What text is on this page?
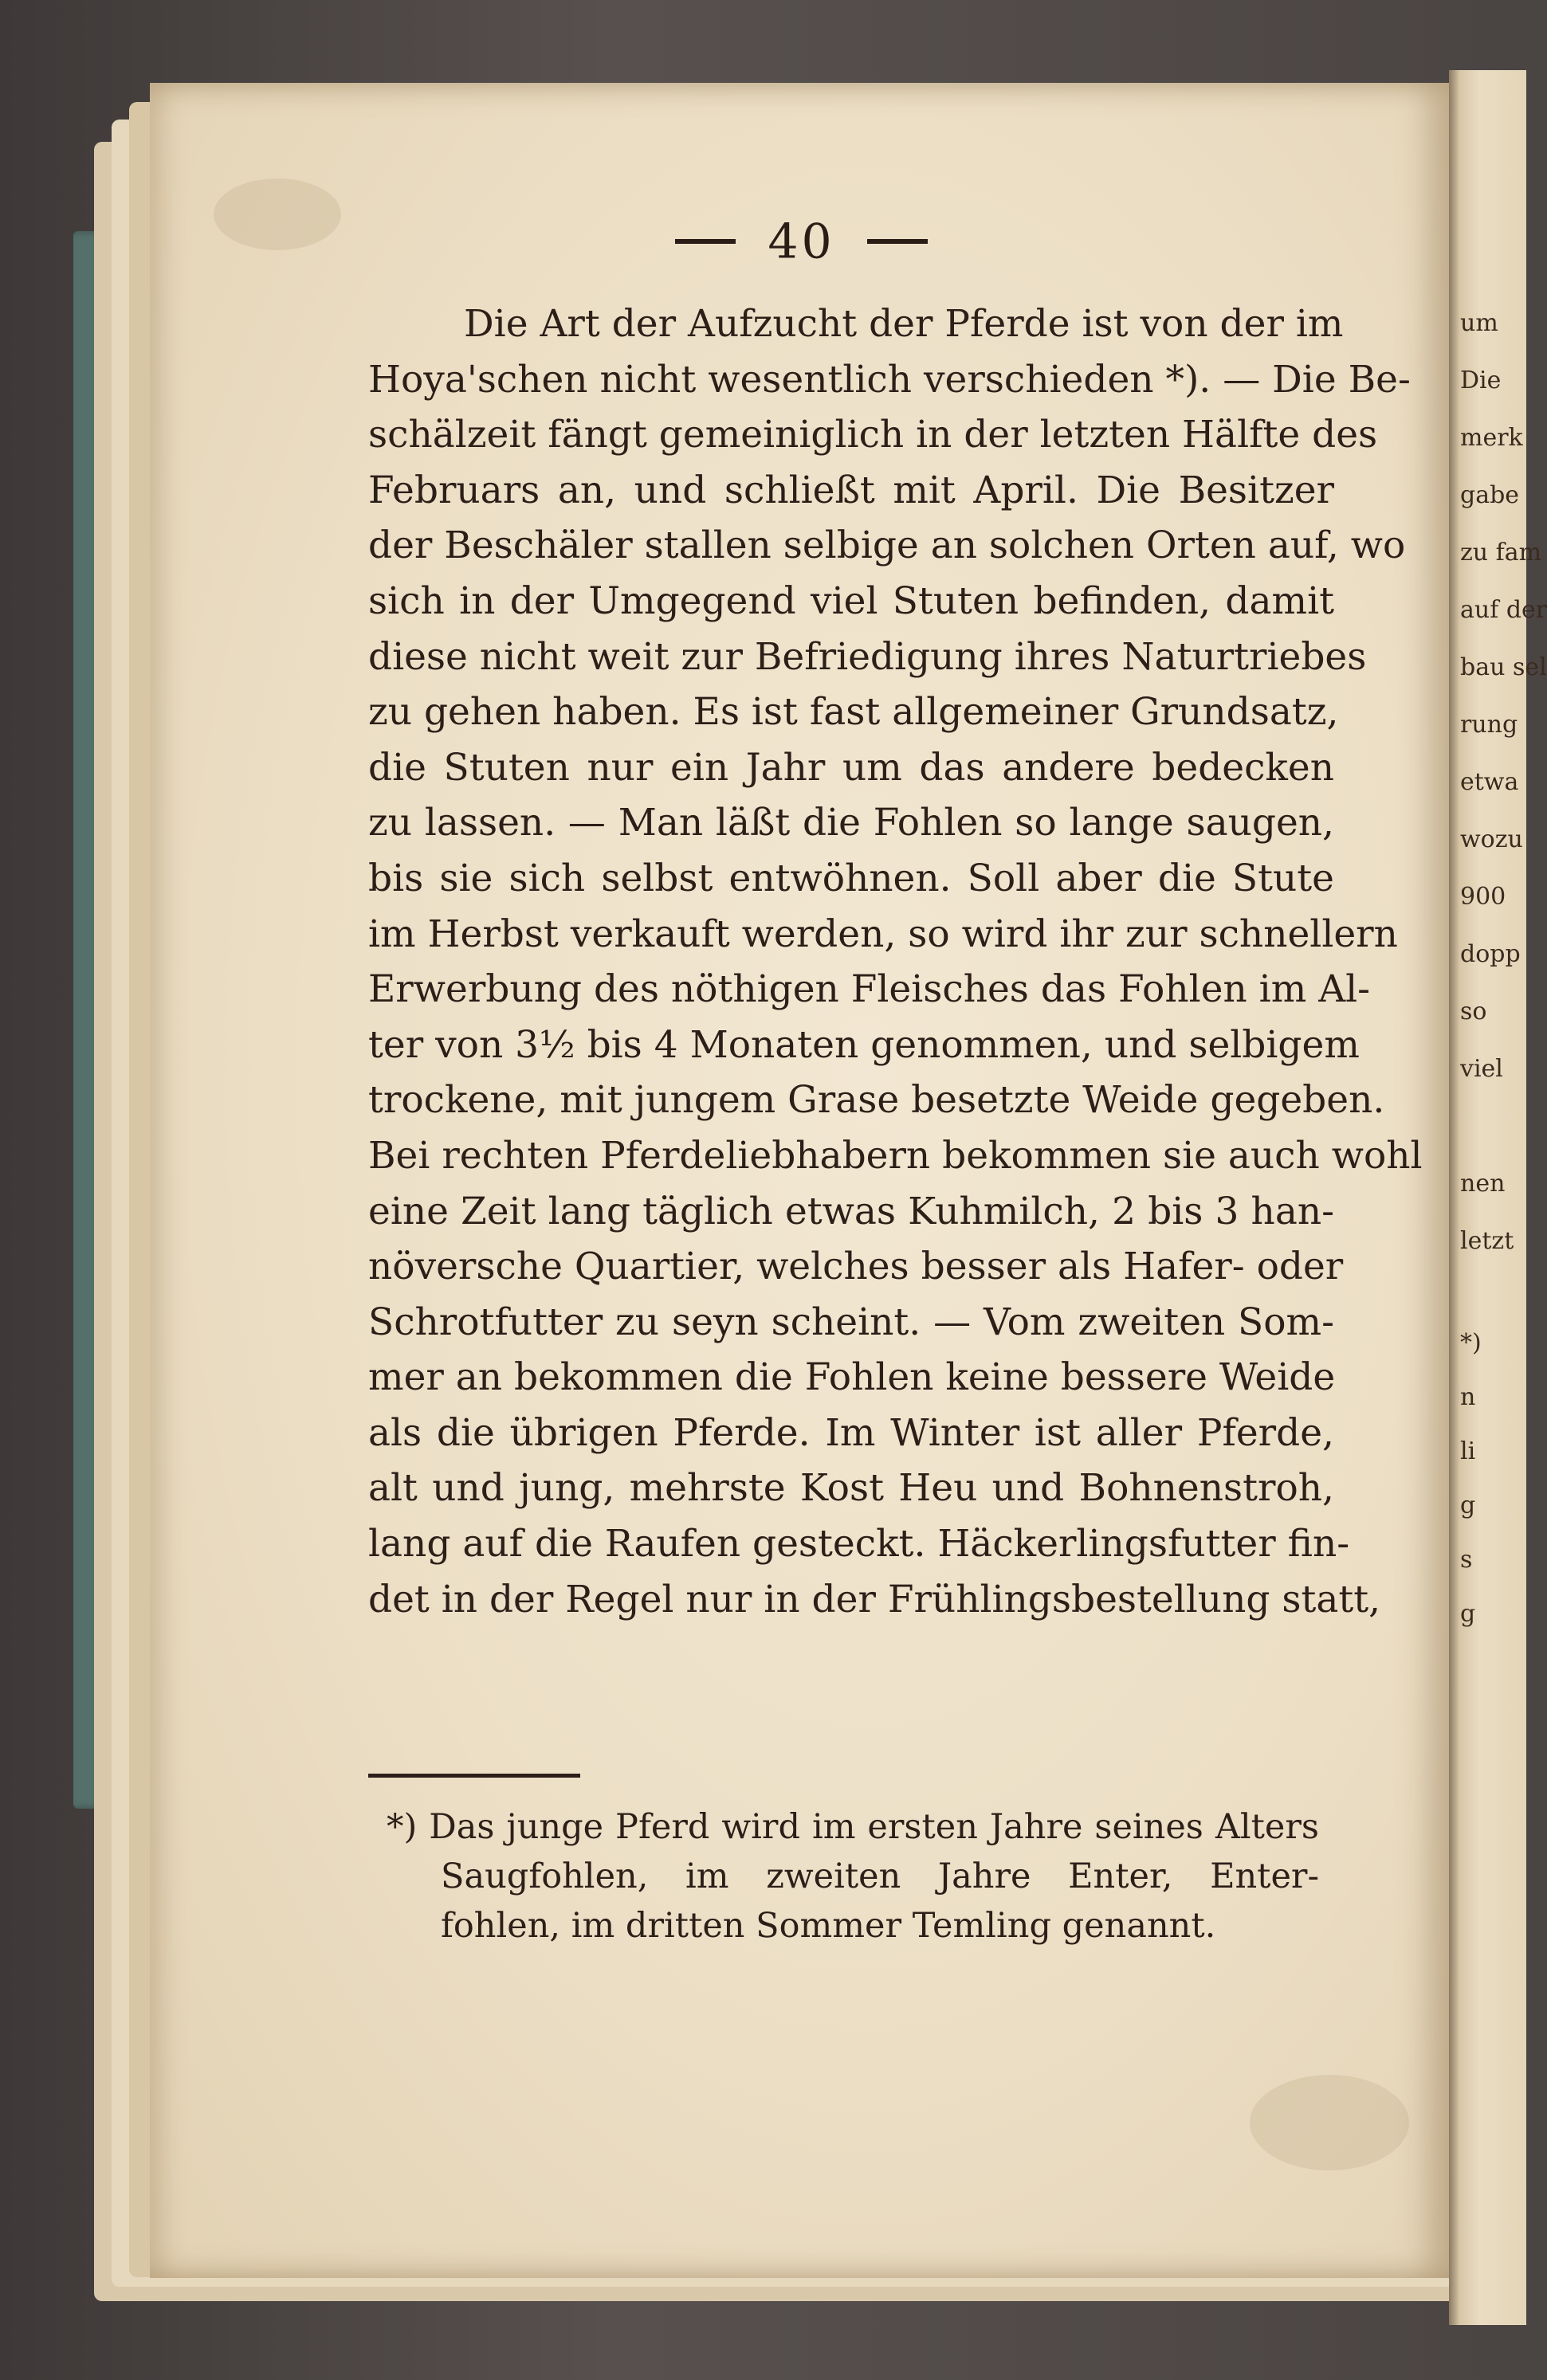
40
Die Art der Aufzucht der Pferde ist von der im
Hoya'schen nicht wesentlich verschieden *). — Die Be-
schälzeit fängt gemeiniglich in der letzten Hälfte des
Februars an, und schließt mit April. Die Besitzer
der Beschäler stallen selbige an solchen Orten auf, wo
sich in der Umgegend viel Stuten befinden, damit
diese nicht weit zur Befriedigung ihres Naturtriebes
zu gehen haben. Es ist fast allgemeiner Grundsatz,
die Stuten nur ein Jahr um das andere bedecken
zu lassen. — Man läßt die Fohlen so lange saugen,
bis sie sich selbst entwöhnen. Soll aber die Stute
im Herbst verkauft werden, so wird ihr zur schnellern
Erwerbung des nöthigen Fleisches das Fohlen im Al-
ter von 3½ bis 4 Monaten genommen, und selbigem
trockene, mit jungem Grase besetzte Weide gegeben.
Bei rechten Pferdeliebhabern bekommen sie auch wohl
eine Zeit lang täglich etwas Kuhmilch, 2 bis 3 han-
növersche Quartier, welches besser als Hafer- oder
Schrotfutter zu seyn scheint. — Vom zweiten Som-
mer an bekommen die Fohlen keine bessere Weide
als die übrigen Pferde. Im Winter ist aller Pferde,
alt und jung, mehrste Kost Heu und Bohnenstroh,
lang auf die Raufen gesteckt. Häckerlingsfutter fin-
det in der Regel nur in der Frühlingsbestellung statt,
*) Das junge Pferd wird im ersten Jahre seines Alters
Saugfohlen, im zweiten Jahre Enter, Enter-
fohlen, im dritten Sommer Temling genannt.
um
Die
merk
gabe
zu fam
auf der
bau sel
rung
etwa
wozu
900
dopp
so
viel
nen
letzt
*)
n
li
g
s
g
